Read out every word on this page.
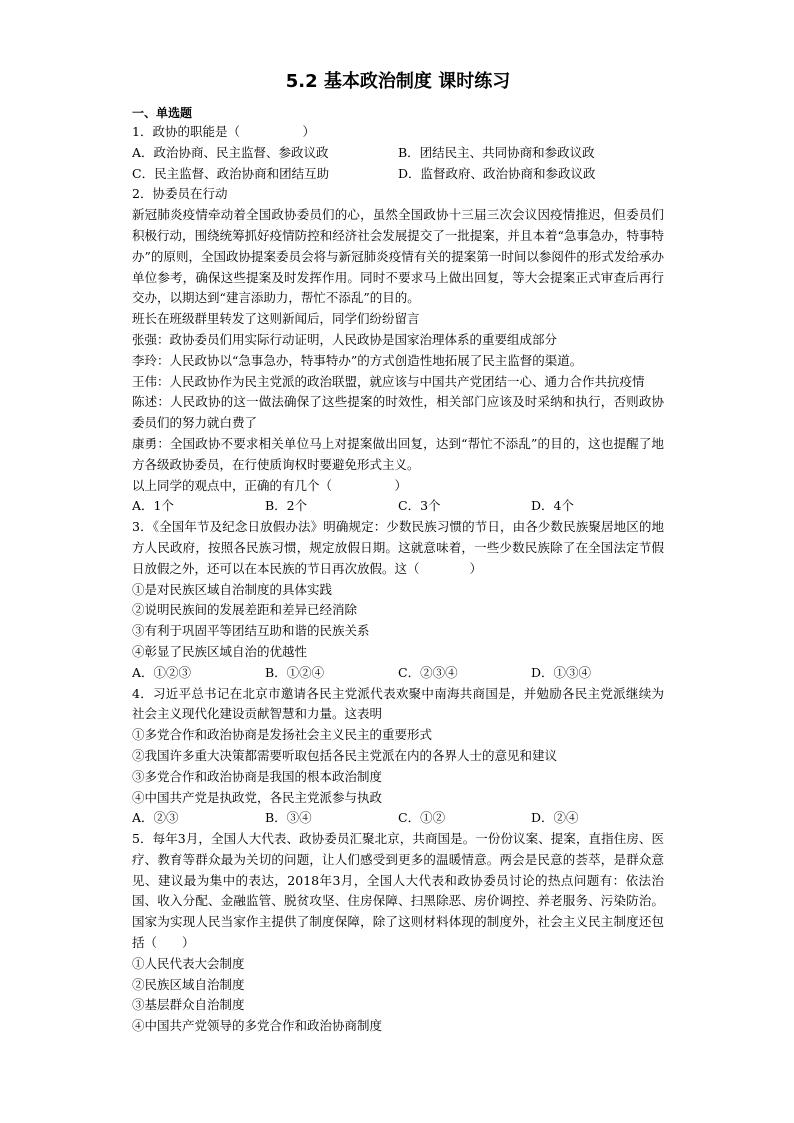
5.2 基本政治制度 课时练习
一、单选题
1．政协的职能是（　　　　　）
A．政治协商、民主监督、参政议政	B．团结民主、共同协商和参政议政
C．民主监督、政治协商和团结互助	D．监督政府、政治协商和参政议政
2．协委员在行动
新冠肺炎疫情牵动着全国政协委员们的心，虽然全国政协十三届三次会议因疫情推迟，但委员们积极行动，围绕统筹抓好疫情防控和经济社会发展提交了一批提案，并且本着“急事急办，特事特办”的原则，全国政协提案委员会将与新冠肺炎疫情有关的提案第一时间以参阅件的形式发给承办单位参考，确保这些提案及时发挥作用。同时不要求马上做出回复，等大会提案正式审查后再行交办，以期达到“建言添助力，帮忙不添乱”的目的。
班长在班级群里转发了这则新闻后，同学们纷纷留言
张强：政协委员们用实际行动证明，人民政协是国家治理体系的重要组成部分
李玲：人民政协以“急事急办，特事特办”的方式创造性地拓展了民主监督的渠道。
王伟：人民政协作为民主党派的政治联盟，就应该与中国共产党团结一心、通力合作共抗疫情
陈述：人民政协的这一做法确保了这些提案的时效性，相关部门应该及时采纳和执行，否则政协委员们的努力就白费了
康勇：全国政协不要求相关单位马上对提案做出回复，达到“帮忙不添乱”的目的，这也提醒了地方各级政协委员，在行使质询权时要避免形式主义。
以上同学的观点中，正确的有几个（　　　　　）
A．1个	B．2个	C．3个	D．4个
3．《全国年节及纪念日放假办法》明确规定：少数民族习惯的节日，由各少数民族聚居地区的地方人民政府，按照各民族习惯，规定放假日期。这就意味着，一些少数民族除了在全国法定节假日放假之外，还可以在本民族的节日再次放假。这（　　　　）
①是对民族区域自治制度的具体实践
②说明民族间的发展差距和差异已经消除
③有利于巩固平等团结互助和谐的民族关系
④彰显了民族区域自治的优越性
A．①②③	B．①②④	C．②③④	D．①③④
4．习近平总书记在北京市邀请各民主党派代表欢聚中南海共商国是，并勉励各民主党派继续为社会主义现代化建设贡献智慧和力量。这表明
①多党合作和政治协商是发扬社会主义民主的重要形式
②我国许多重大决策都需要听取包括各民主党派在内的各界人士的意见和建议
③多党合作和政治协商是我国的根本政治制度
④中国共产党是执政党，各民主党派参与执政
A．②③	B．③④	C．①②	D．②④
5．每年3月，全国人大代表、政协委员汇聚北京，共商国是。一份份议案、提案，直指住房、医疗、教育等群众最为关切的问题，让人们感受到更多的温暖情意。两会是民意的荟萃，是群众意见、建议最为集中的表达，2018年3月，全国人大代表和政协委员讨论的热点问题有：依法治国、收入分配、金融监管、脱贫攻坚、住房保障、扫黑除恶、房价调控、养老服务、污染防治。国家为实现人民当家作主提供了制度保障，除了这则材料体现的制度外，社会主义民主制度还包括（　　）
①人民代表大会制度
②民族区域自治制度
③基层群众自治制度
④中国共产党领导的多党合作和政治协商制度
